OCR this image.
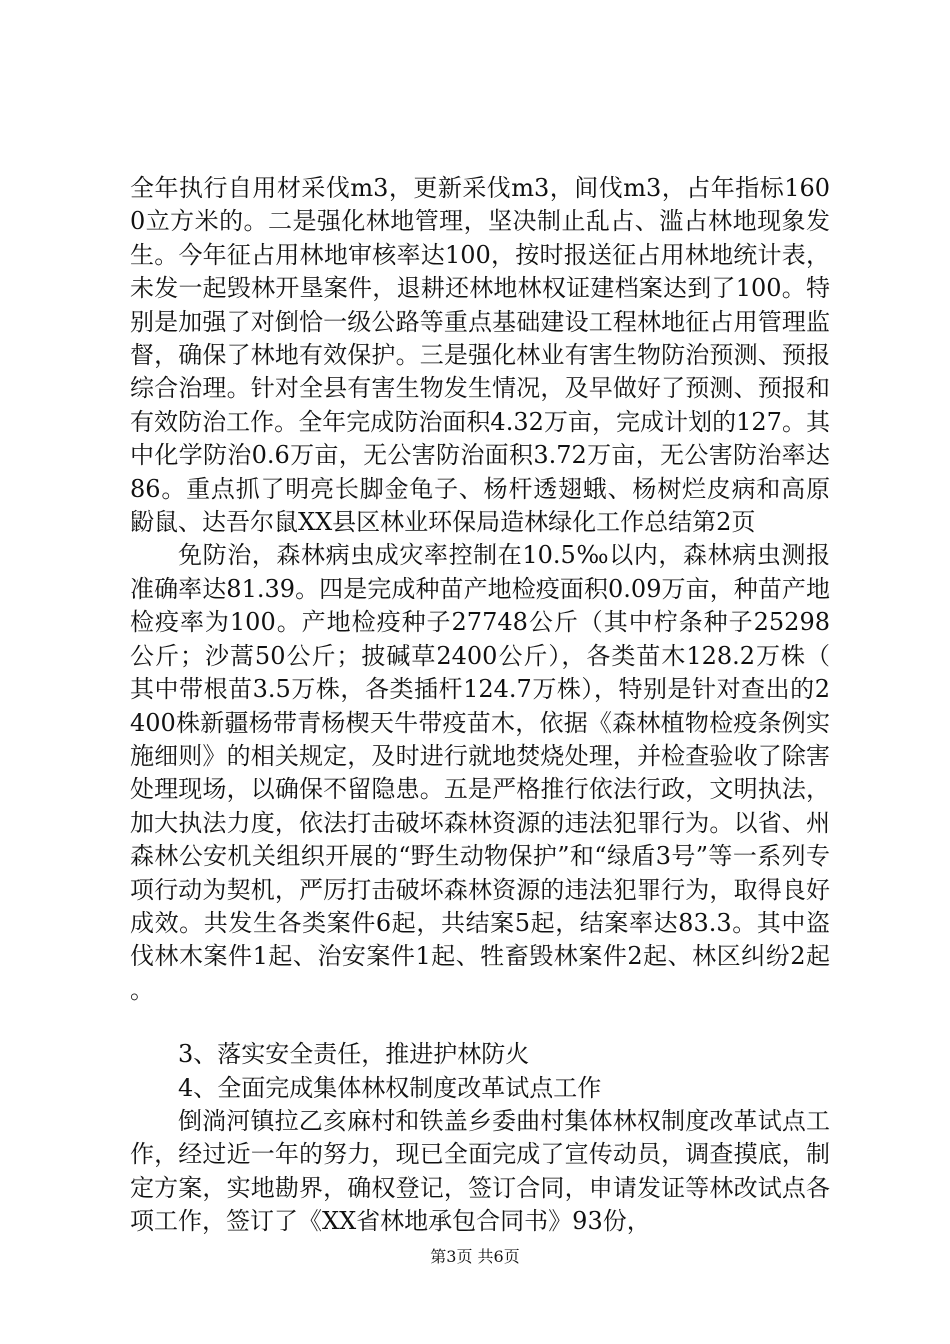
全年执行自用材采伐m3，更新采伐m3，间伐m3，占年指标1600立方米的。二是强化林地管理，坚决制止乱占、滥占林地现象发生。今年征占用林地审核率达100，按时报送征占用林地统计表，未发一起毁林开垦案件，退耕还林地林权证建档案达到了100。特别是加强了对倒恰一级公路等重点基础建设工程林地征占用管理监督，确保了林地有效保护。三是强化林业有害生物防治预测、预报综合治理。针对全县有害生物发生情况，及早做好了预测、预报和有效防治工作。全年完成防治面积4.32万亩，完成计划的127。其中化学防治0.6万亩，无公害防治面积3.72万亩，无公害防治率达86。重点抓了明亮长脚金龟子、杨杆透翅蛾、杨树烂皮病和高原鼢鼠、达吾尔鼠XX县区林业环保局造林绿化工作总结第2页

免防治，森林病虫成灾率控制在10.5‰以内，森林病虫测报准确率达81.39。四是完成种苗产地检疫面积0.09万亩，种苗产地检疫率为100。产地检疫种子27748公斤（其中柠条种子25298公斤；沙蒿50公斤；披碱草2400公斤），各类苗木128.2万株（其中带根苗3.5万株，各类插杆124.7万株），特别是针对查出的2400株新疆杨带青杨楔天牛带疫苗木，依据《森林植物检疫条例实施细则》的相关规定，及时进行就地焚烧处理，并检查验收了除害处理现场，以确保不留隐患。五是严格推行依法行政，文明执法，加大执法力度，依法打击破坏森林资源的违法犯罪行为。以省、州森林公安机关组织开展的“野生动物保护”和“绿盾3号”等一系列专项行动为契机，严厉打击破坏森林资源的违法犯罪行为，取得良好成效。共发生各类案件6起，共结案5起，结案率达83.3。其中盗伐林木案件1起、治安案件1起、牲畜毁林案件2起、林区纠纷2起。

3、落实安全责任，推进护林防火

4、全面完成集体林权制度改革试点工作

倒淌河镇拉乙亥麻村和铁盖乡委曲村集体林权制度改革试点工作，经过近一年的努力，现已全面完成了宣传动员，调查摸底，制定方案，实地勘界，确权登记，签订合同，申请发证等林改试点各项工作，签订了《XX省林地承包合同书》93份，

第3页 共6页
